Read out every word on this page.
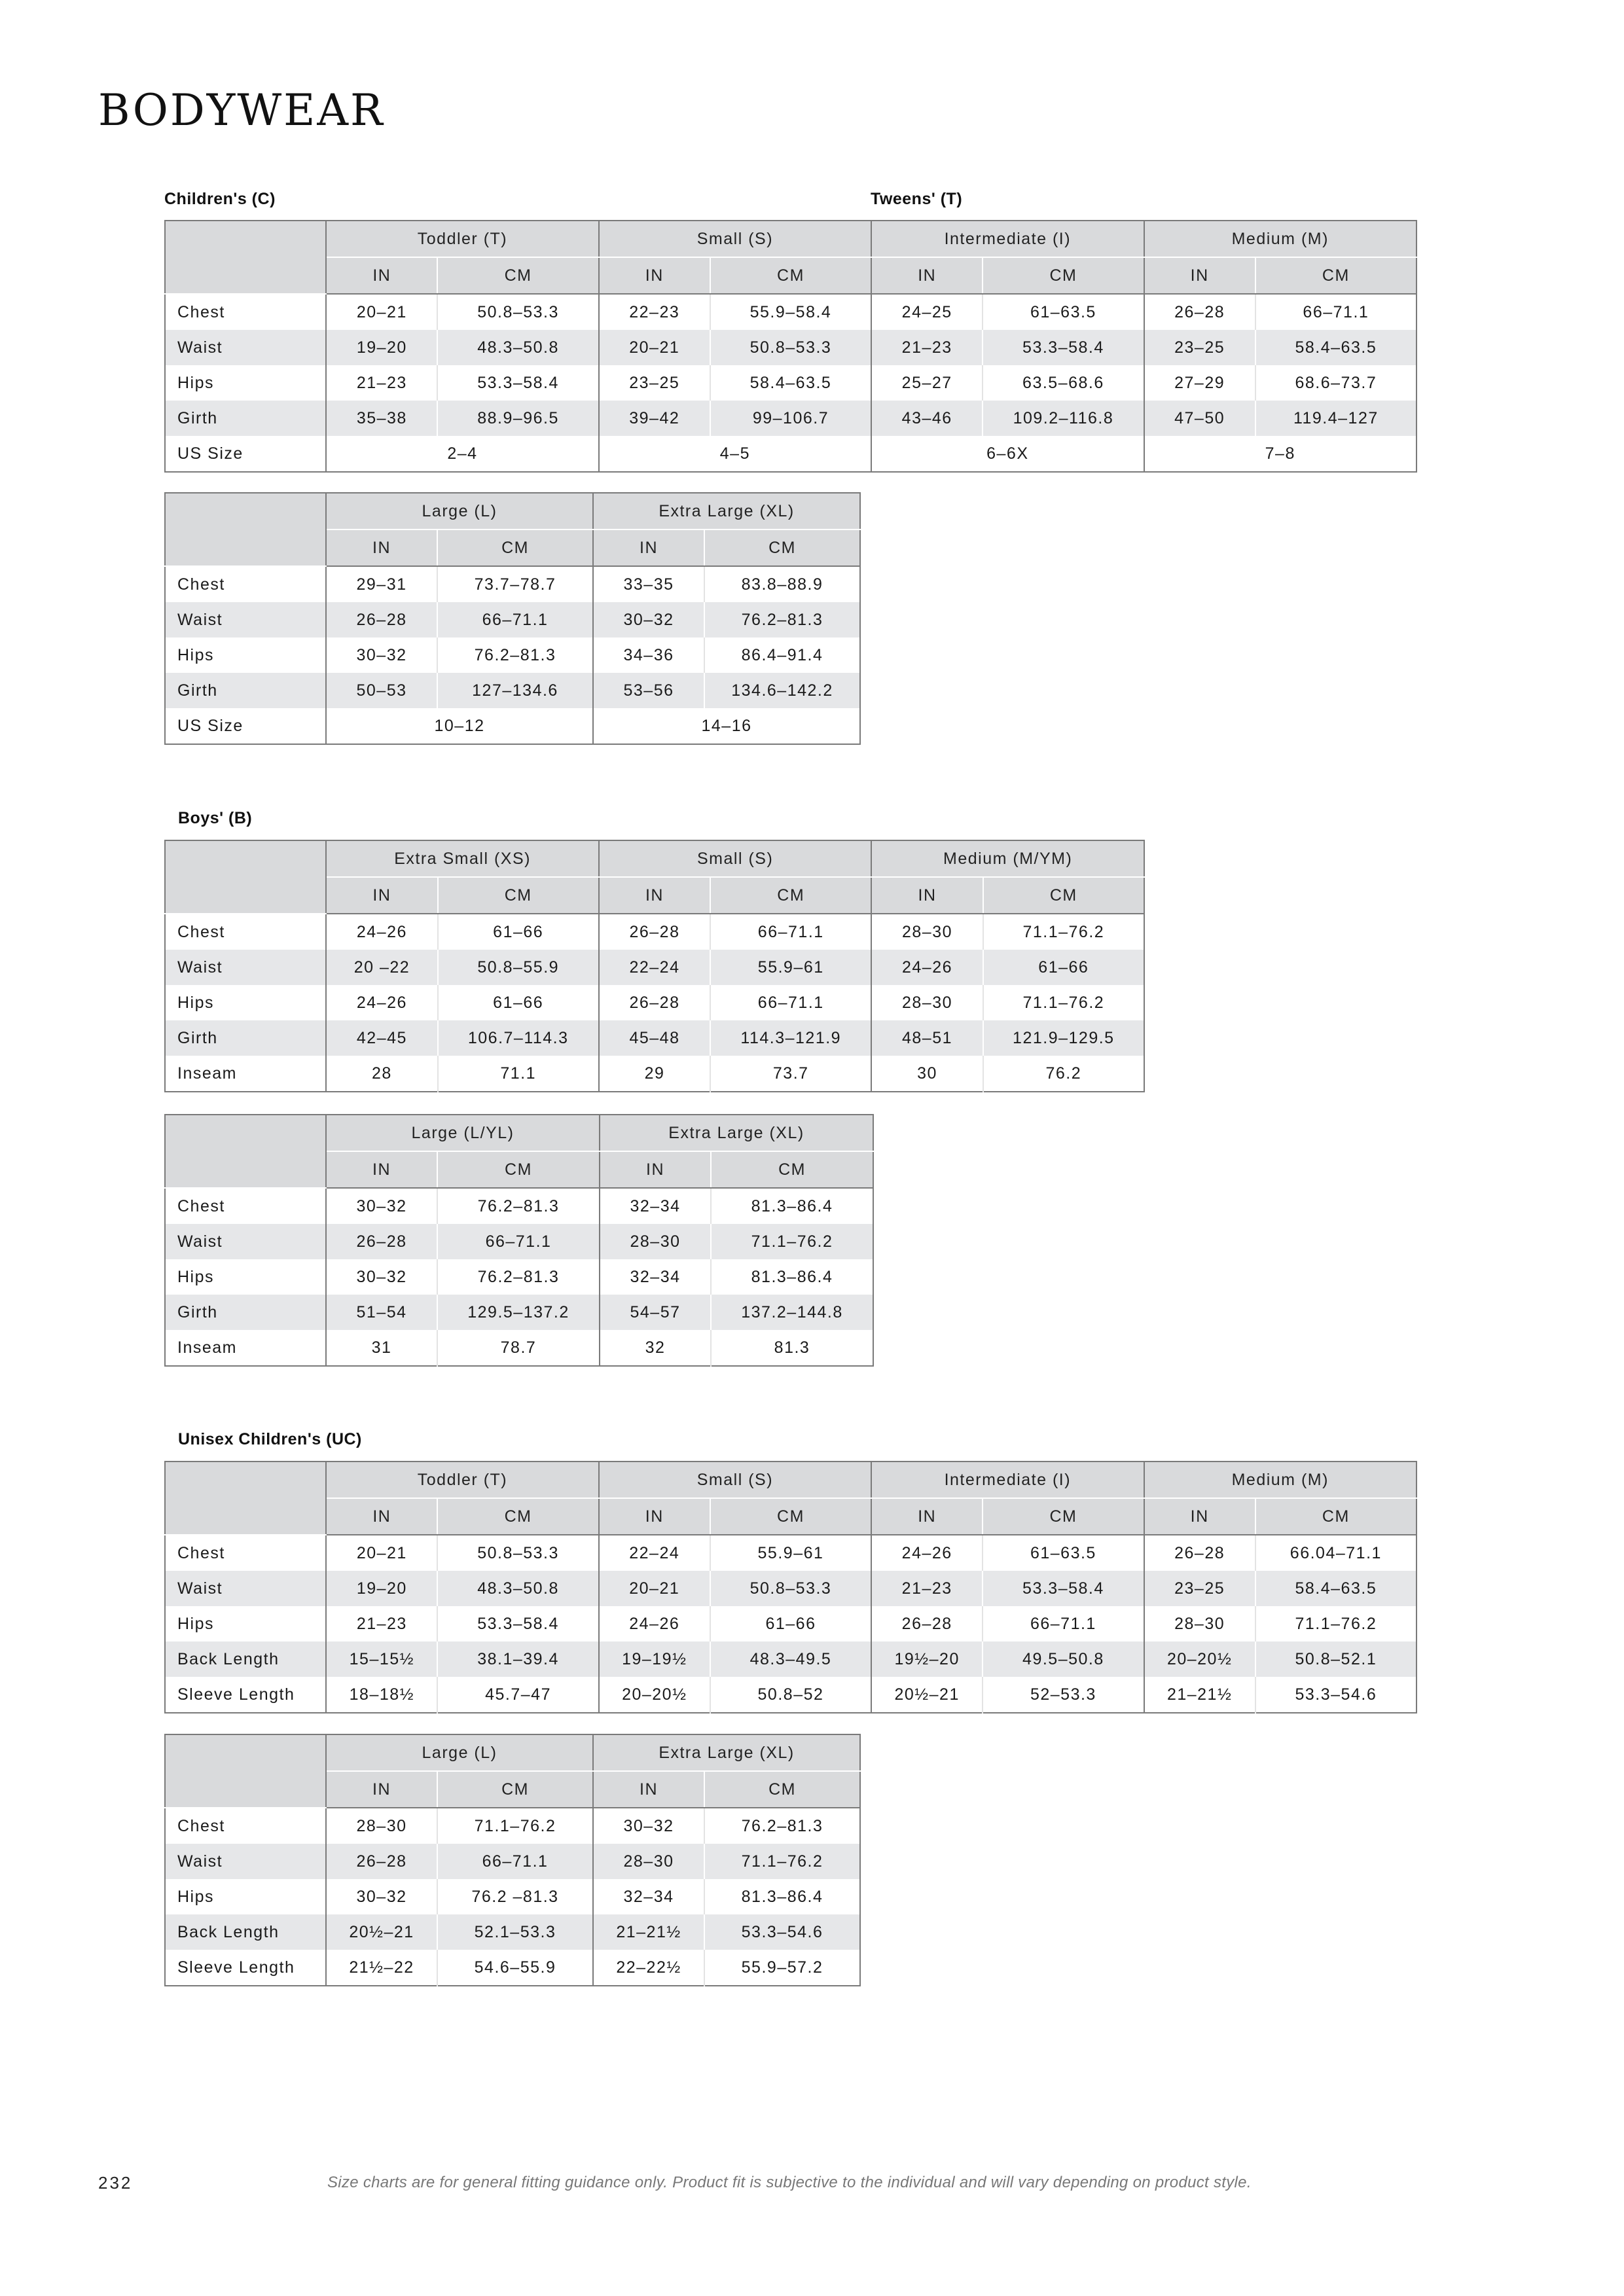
BODYWEAR
Children's (C)	Tweens' (T)
	Toddler (T)		Small (S)		Intermediate (I)		Medium (M)	
	IN	CM	IN	CM	IN	CM	IN	CM
Chest	20–21	50.8–53.3	22–23	55.9–58.4	24–25	61–63.5	26–28	66–71.1
Waist	19–20	48.3–50.8	20–21	50.8–53.3	21–23	53.3–58.4	23–25	58.4–63.5
Hips	21–23	53.3–58.4	23–25	58.4–63.5	25–27	63.5–68.6	27–29	68.6–73.7
Girth	35–38	88.9–96.5	39–42	99–106.7	43–46	109.2–116.8	47–50	119.4–127
US Size	2–4		4–5		6–6X		7–8	
	Large (L)		Extra Large (XL)	
	IN	CM	IN	CM
Chest	29–31	73.7–78.7	33–35	83.8–88.9
Waist	26–28	66–71.1	30–32	76.2–81.3
Hips	30–32	76.2–81.3	34–36	86.4–91.4
Girth	50–53	127–134.6	53–56	134.6–142.2
US Size	10–12		14–16	
Boys' (B)
	Extra Small (XS)		Small (S)		Medium (M/YM)	
	IN	CM	IN	CM	IN	CM
Chest	24–26	61–66	26–28	66–71.1	28–30	71.1–76.2
Waist	20 –22	50.8–55.9	22–24	55.9–61	24–26	61–66
Hips	24–26	61–66	26–28	66–71.1	28–30	71.1–76.2
Girth	42–45	106.7–114.3	45–48	114.3–121.9	48–51	121.9–129.5
Inseam	28	71.1	29	73.7	30	76.2
	Large (L/YL)		Extra Large (XL)	
	IN	CM	IN	CM
Chest	30–32	76.2–81.3	32–34	81.3–86.4
Waist	26–28	66–71.1	28–30	71.1–76.2
Hips	30–32	76.2–81.3	32–34	81.3–86.4
Girth	51–54	129.5–137.2	54–57	137.2–144.8
Inseam	31	78.7	32	81.3
Unisex Children's (UC)
	Toddler (T)		Small (S)		Intermediate (I)		Medium (M)	
	IN	CM	IN	CM	IN	CM	IN	CM
Chest	20–21	50.8–53.3	22–24	55.9–61	24–26	61–63.5	26–28	66.04–71.1
Waist	19–20	48.3–50.8	20–21	50.8–53.3	21–23	53.3–58.4	23–25	58.4–63.5
Hips	21–23	53.3–58.4	24–26	61–66	26–28	66–71.1	28–30	71.1–76.2
Back Length	15–15½	38.1–39.4	19–19½	48.3–49.5	19½–20	49.5–50.8	20–20½	50.8–52.1
Sleeve Length	18–18½	45.7–47	20–20½	50.8–52	20½–21	52–53.3	21–21½	53.3–54.6
	Large (L)		Extra Large (XL)	
	IN	CM	IN	CM
Chest	28–30	71.1–76.2	30–32	76.2–81.3
Waist	26–28	66–71.1	28–30	71.1–76.2
Hips	30–32	76.2 –81.3	32–34	81.3–86.4
Back Length	20½–21	52.1–53.3	21–21½	53.3–54.6
Sleeve Length	21½–22	54.6–55.9	22–22½	55.9–57.2
232	Size charts are for general fitting guidance only. Product fit is subjective to the individual and will vary depending on product style.
